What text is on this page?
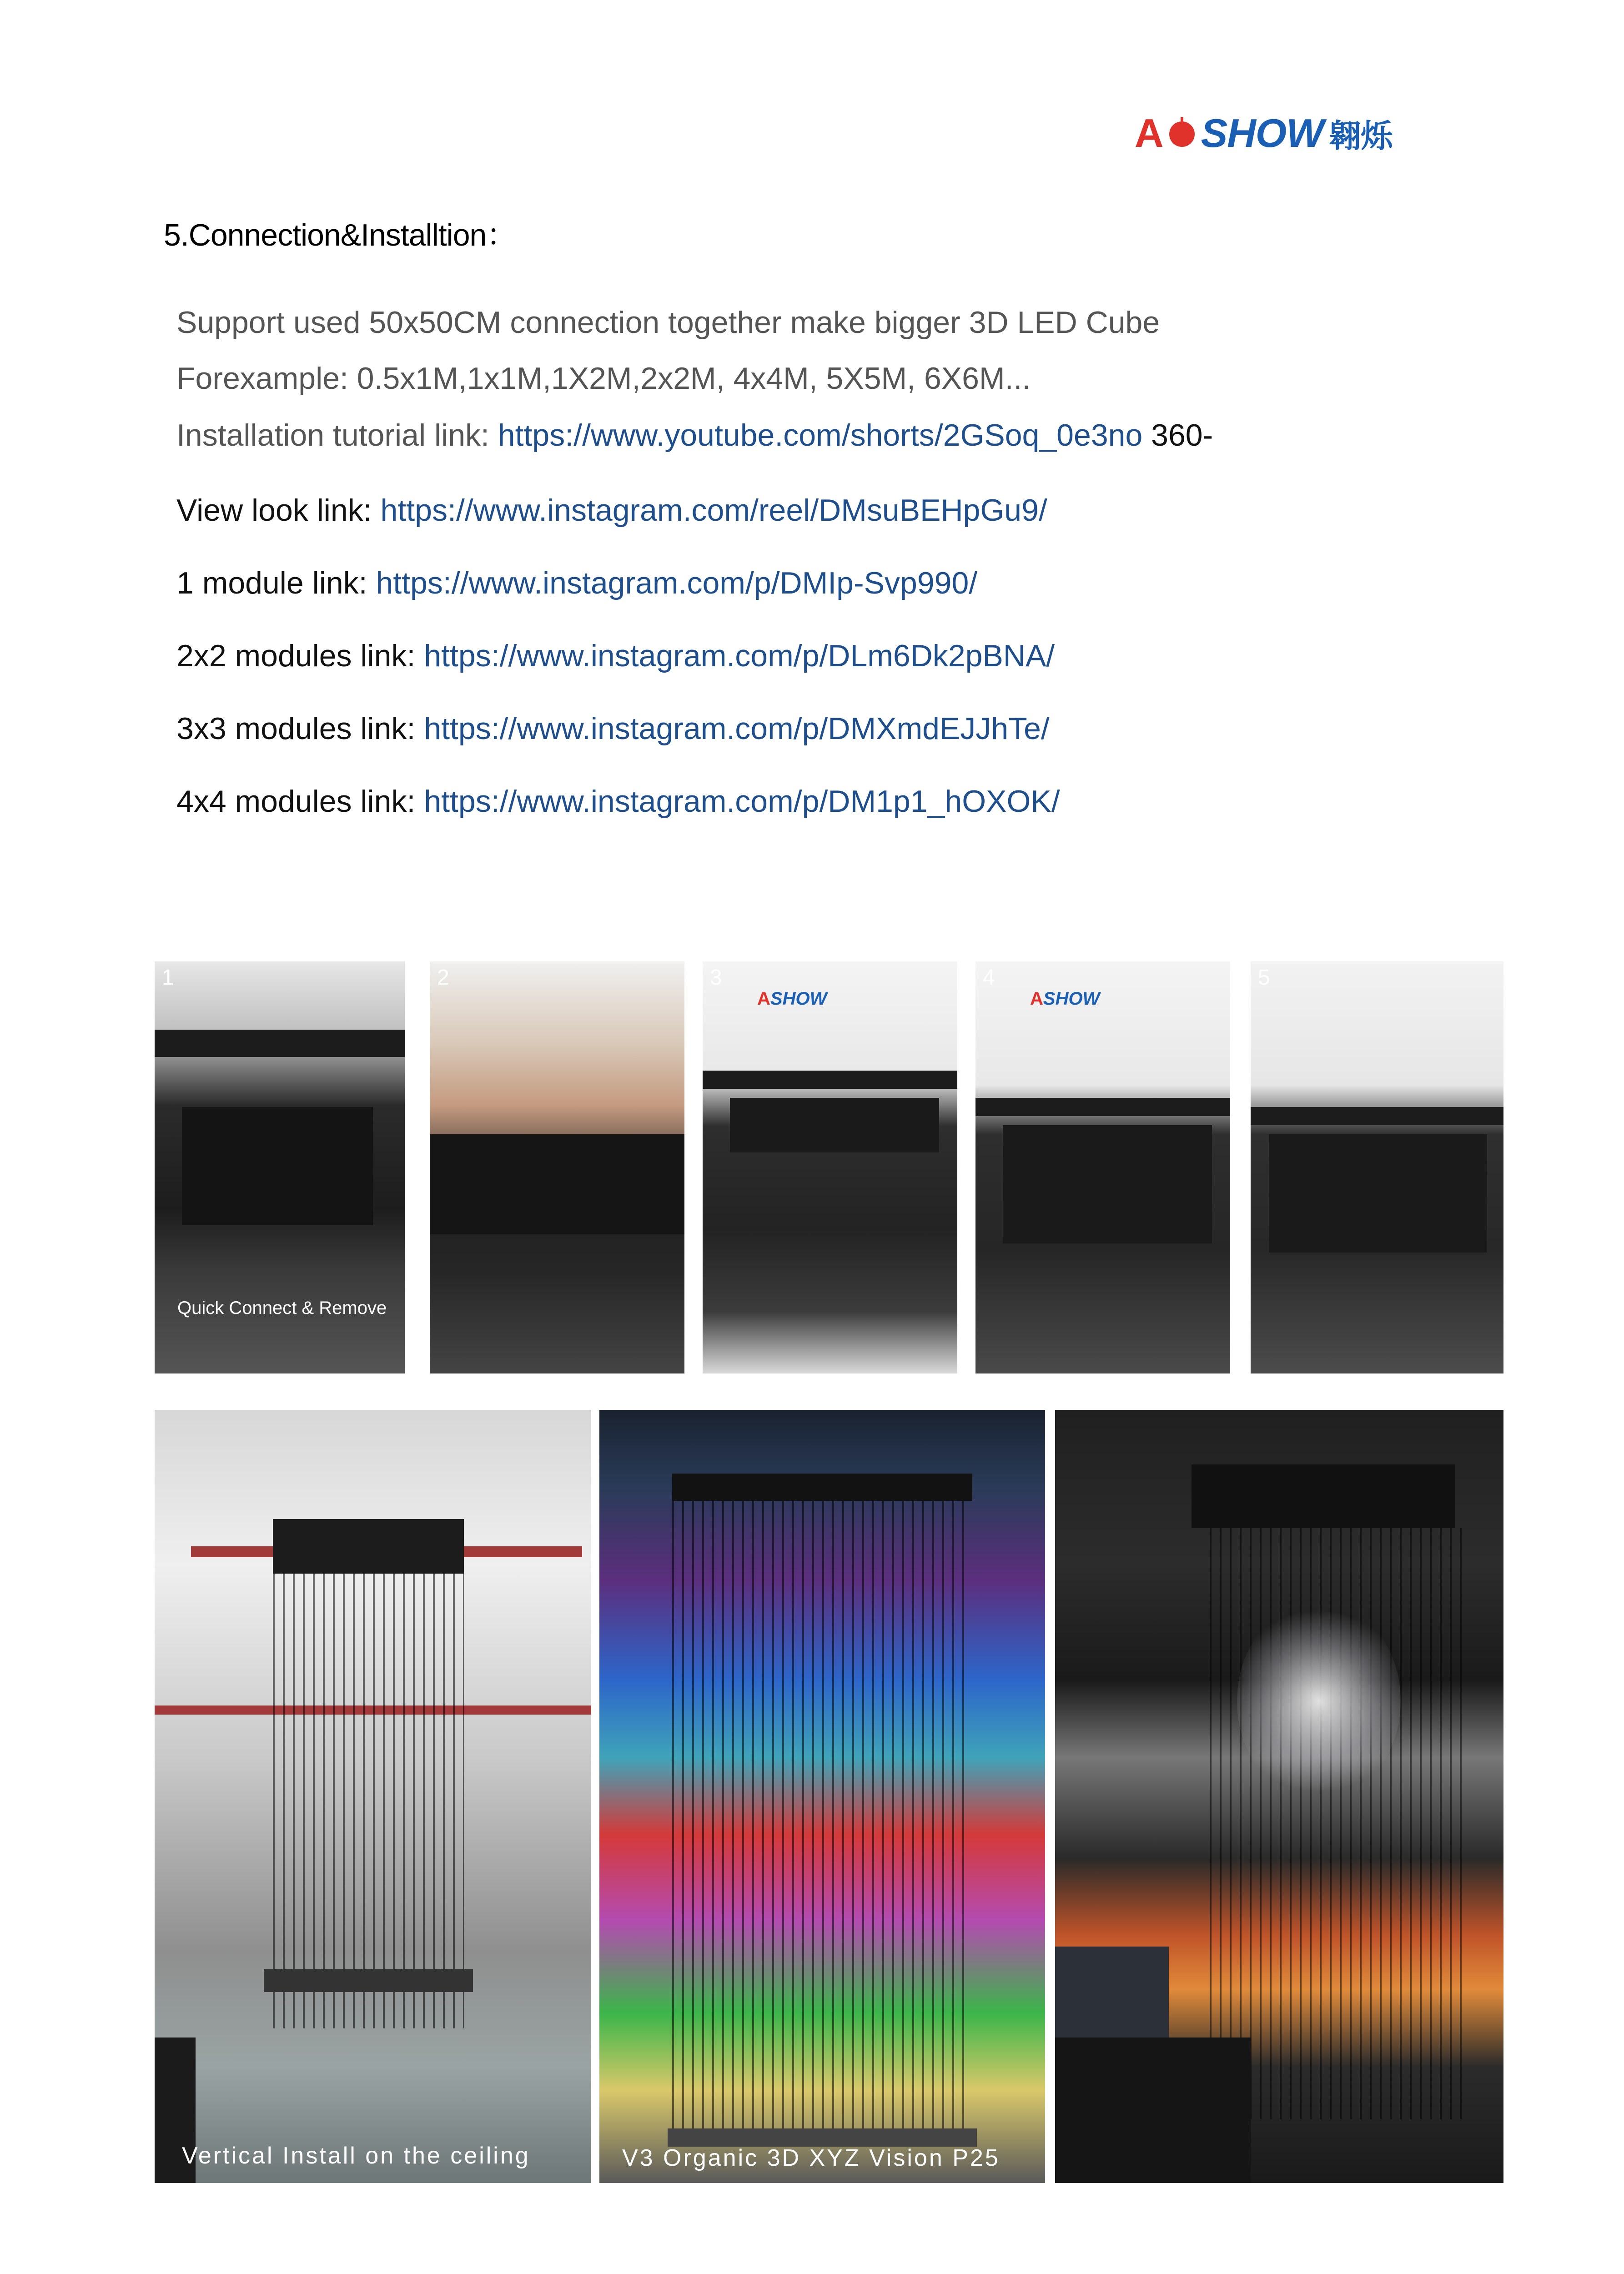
A SHOW 翱烁
5.Connection&Installtion：
Support used 50x50CM connection together make bigger 3D LED Cube
Forexample: 0.5x1M,1x1M,1X2M,2x2M, 4x4M, 5X5M, 6X6M...
Installation tutorial link: https://www.youtube.com/shorts/2GSoq_0e3no 360-
View look link: https://www.instagram.com/reel/DMsuBEHpGu9/
1 module link: https://www.instagram.com/p/DMIp-Svp990/
2x2 modules link: https://www.instagram.com/p/DLm6Dk2pBNA/
3x3 modules link: https://www.instagram.com/p/DMXmdEJJhTe/
4x4 modules link: https://www.instagram.com/p/DM1p1_hOXOK/
1
Quick Connect & Remove
2
ASHOW
3
ASHOW
4	5
Vertical Install on the ceiling	V3 Organic 3D XYZ Vision P25
